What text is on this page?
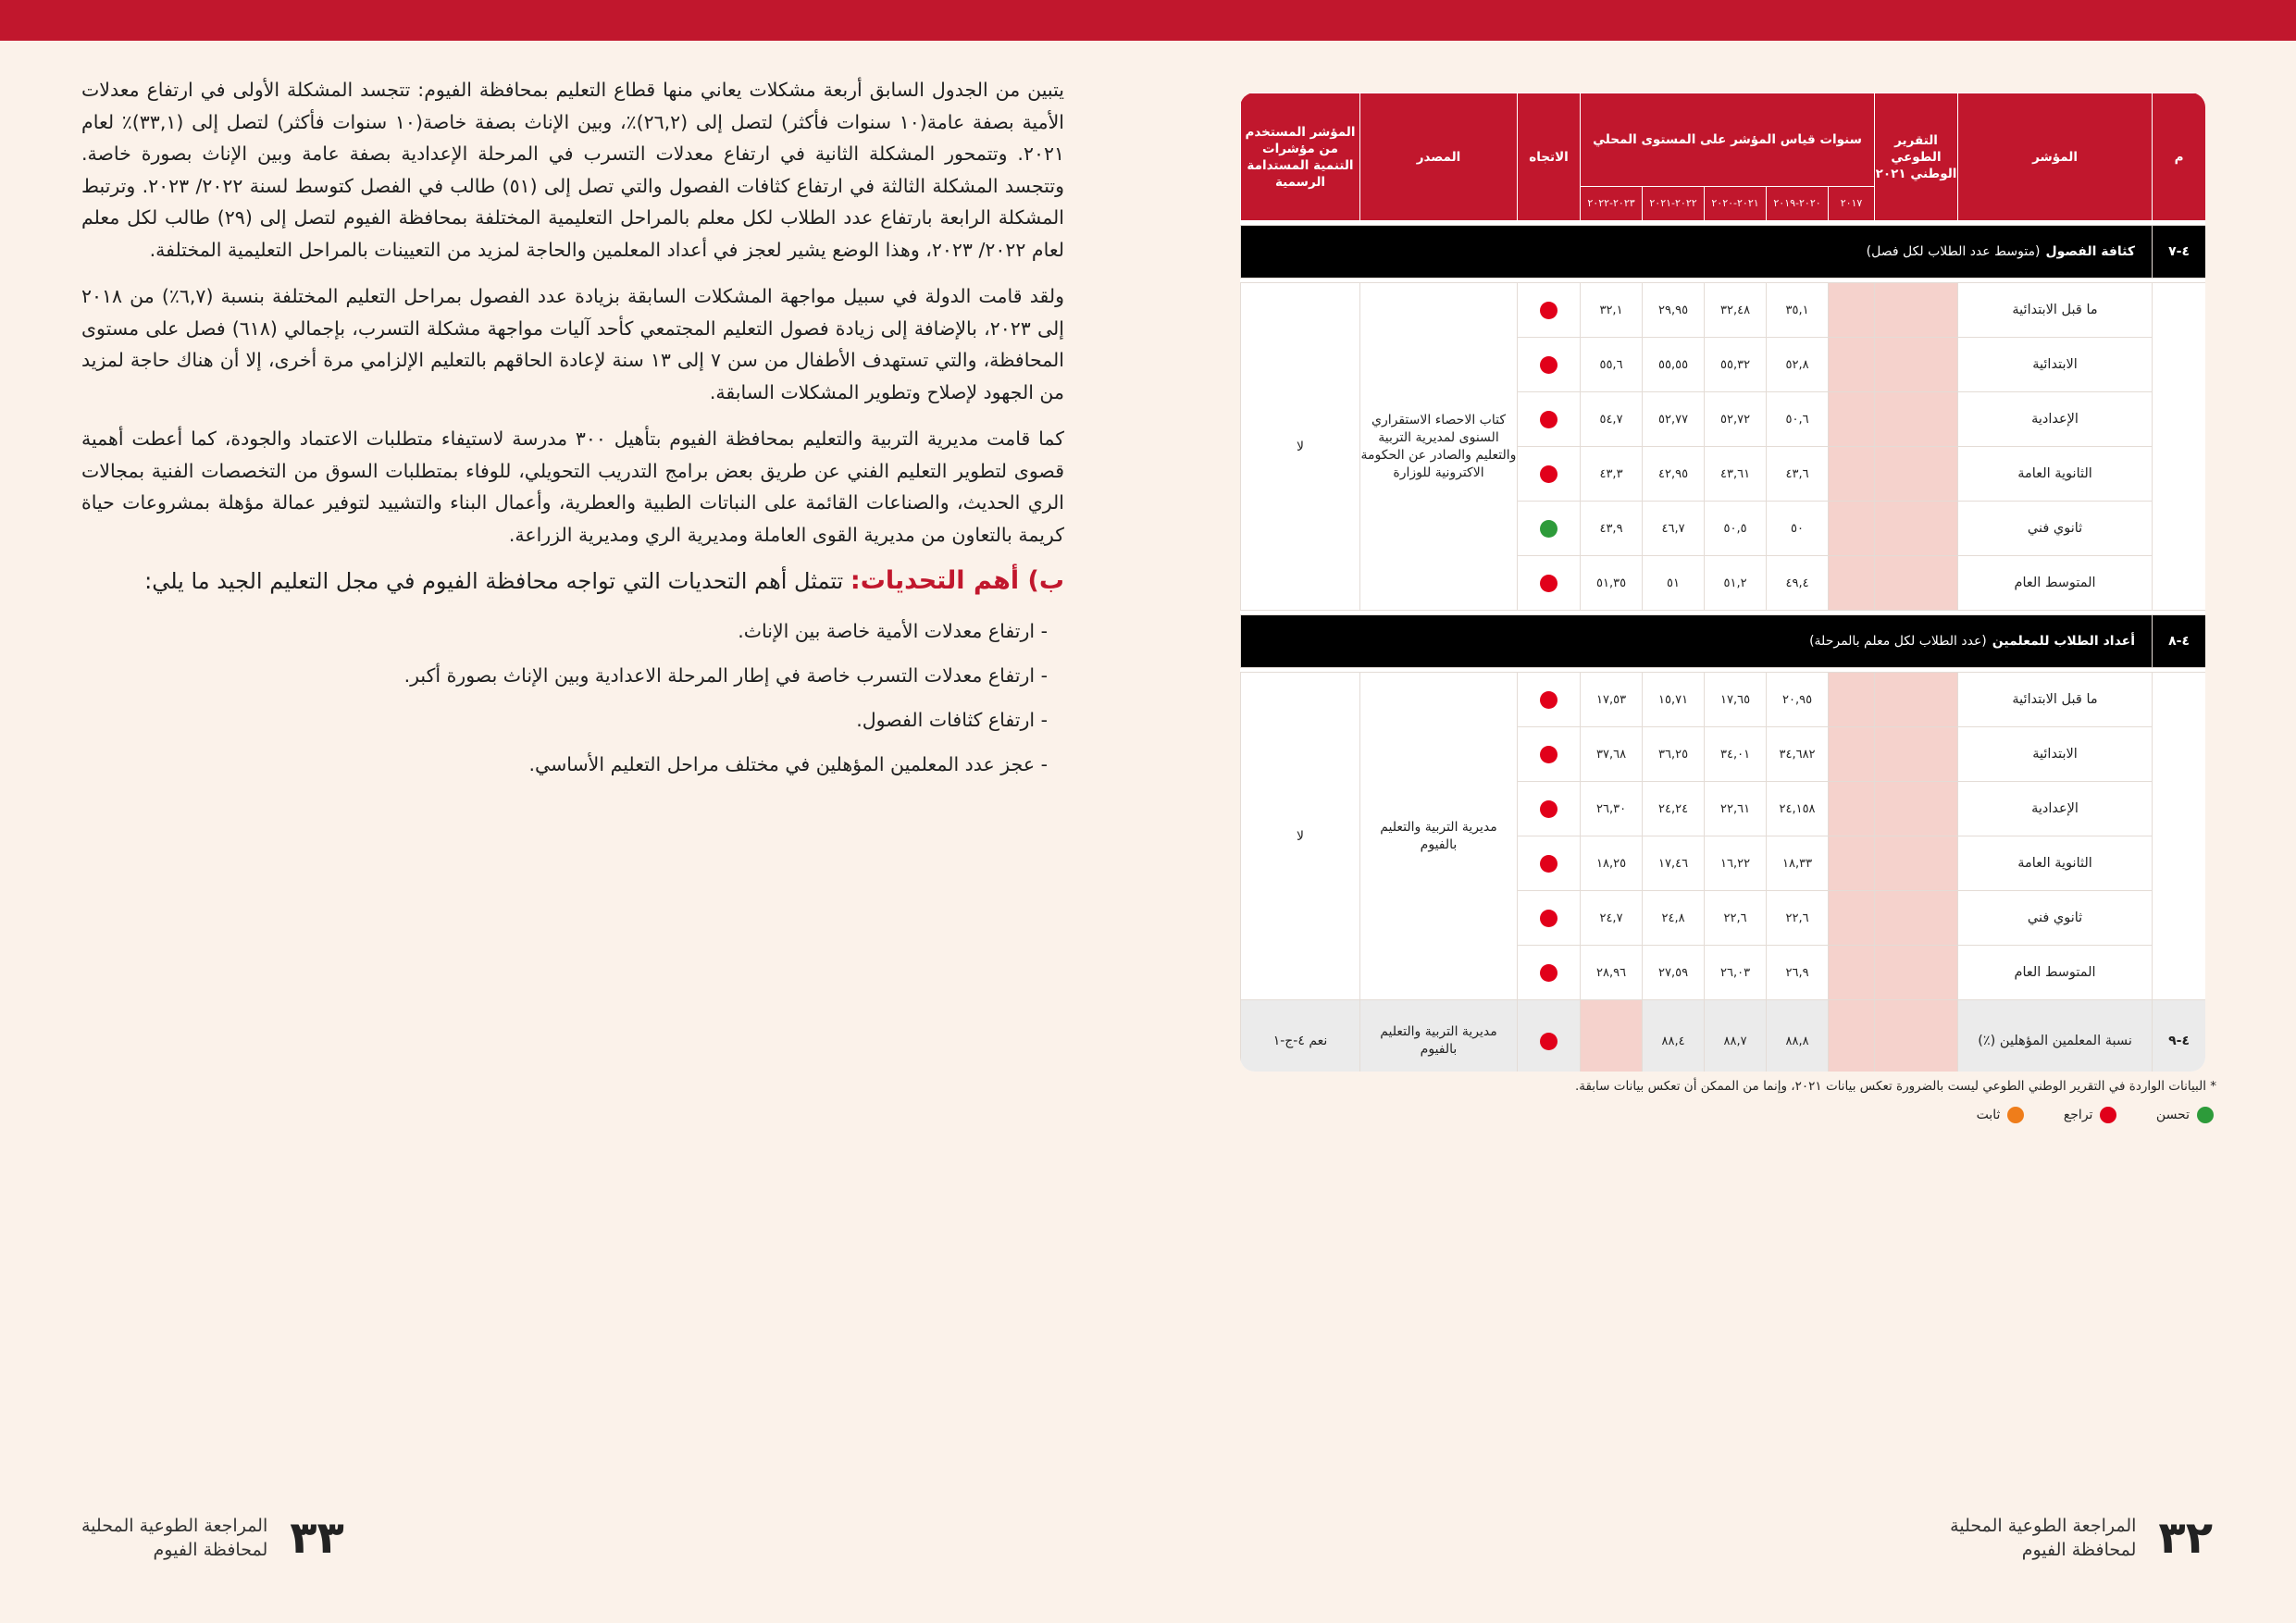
يتبين من الجدول السابق أربعة مشكلات يعاني منها قطاع التعليم بمحافظة الفيوم: تتجسد المشكلة الأولى في ارتفاع معدلات الأمية بصفة عامة(١٠ سنوات فأكثر) لتصل إلى (٢٦,٢)٪، وبين الإناث بصفة خاصة(١٠ سنوات فأكثر) لتصل إلى (٣٣,١)٪ لعام ٢٠٢١. وتتمحور المشكلة الثانية في ارتفاع معدلات التسرب في المرحلة الإعدادية بصفة عامة وبين الإناث بصورة خاصة. وتتجسد المشكلة الثالثة في ارتفاع كثافات الفصول والتي تصل إلى (٥١) طالب في الفصل كتوسط لسنة ٢٠٢٢/ ٢٠٢٣. وترتبط المشكلة الرابعة بارتفاع عدد الطلاب لكل معلم بالمراحل التعليمية المختلفة بمحافظة الفيوم لتصل إلى (٢٩) طالب لكل معلم لعام ٢٠٢٢/ ٢٠٢٣، وهذا الوضع يشير لعجز في أعداد المعلمين والحاجة لمزيد من التعيينات بالمراحل التعليمية المختلفة.

ولقد قامت الدولة في سبيل مواجهة المشكلات السابقة بزيادة عدد الفصول بمراحل التعليم المختلفة بنسبة (٦,٧٪) من ٢٠١٨ إلى ٢٠٢٣، بالإضافة إلى زيادة فصول التعليم المجتمعي كأحد آليات مواجهة مشكلة التسرب، بإجمالي (٦١٨) فصل على مستوى المحافظة، والتي تستهدف الأطفال من سن ٧ إلى ١٣ سنة لإعادة الحاقهم بالتعليم الإلزامي مرة أخرى، إلا أن هناك حاجة لمزيد من الجهود لإصلاح وتطوير المشكلات السابقة.

كما قامت مديرية التربية والتعليم بمحافظة الفيوم بتأهيل ٣٠٠ مدرسة لاستيفاء متطلبات الاعتماد والجودة، كما أعطت أهمية قصوى لتطوير التعليم الفني عن طريق بعض برامج التدريب التحويلي، للوفاء بمتطلبات السوق من التخصصات الفنية بمجالات الري الحديث، والصناعات القائمة على النباتات الطبية والعطرية، وأعمال البناء والتشييد لتوفير عمالة مؤهلة بمشروعات حياة كريمة بالتعاون من مديرية القوى العاملة ومديرية الري ومديرية الزراعة.

ب) أهم التحديات: تتمثل أهم التحديات التي تواجه محافظة الفيوم في مجل التعليم الجيد ما يلي:
- ارتفاع معدلات الأمية خاصة بين الإناث.
- ارتفاع معدلات التسرب خاصة في إطار المرحلة الاعدادية وبين الإناث بصورة أكبر.
- ارتفاع كثافات الفصول.
- عجز عدد المعلمين المؤهلين في مختلف مراحل التعليم الأساسي.
م	المؤشر	التقرير الطوعي الوطني ٢٠٢١	سنوات قياس المؤشر على المستوى المحلي					الاتجاه	المصدر	المؤشر المستخدم من مؤشرات التنمية المستدامة الرسمية
			٢٠١٧	٢٠٢٠-٢٠١٩	٢٠٢١-٢٠٢٠	٢٠٢٢-٢٠٢١	٢٠٢٣-٢٠٢٢			

٤-٧	كثافة الفصول(متوسط عدد الطلاب لكل فصل)									

	ما قبل الابتدائية			٣٥,١	٣٢,٤٨	٢٩,٩٥	٣٢,١		كتاب الاحصاء الاستقراري السنوى لمديرية التربية والتعليم والصادر عن الحكومة الاكترونية للوزارة	لا
	الابتدائية			٥٢,٨	٥٥,٣٢	٥٥,٥٥	٥٥,٦			
	الإعدادية			٥٠,٦	٥٢,٧٢	٥٢,٧٧	٥٤,٧			
	الثانوية العامة			٤٣,٦	٤٣,٦١	٤٢,٩٥	٤٣,٣			
	ثانوي فني			٥٠	٥٠,٥	٤٦,٧	٤٣,٩			
	المتوسط العام			٤٩,٤	٥١,٢	٥١	٥١,٣٥			

٤-٨	أعداد الطلاب للمعلمين(عدد الطلاب لكل معلم بالمرحلة)									

	ما قبل الابتدائية			٢٠,٩٥	١٧,٦٥	١٥,٧١	١٧,٥٣		مديرية التربية والتعليم بالفيوم	لا
	الابتدائية			٣٤,٦٨٢	٣٤,٠١	٣٦,٢٥	٣٧,٦٨			
	الإعدادية			٢٤,١٥٨	٢٢,٦١	٢٤,٢٤	٢٦,٣٠			
	الثانوية العامة			١٨,٣٣	١٦,٢٢	١٧,٤٦	١٨,٢٥			
	ثانوي فني			٢٢,٦	٢٢,٦	٢٤,٨	٢٤,٧			
	المتوسط العام			٢٦,٩	٢٦,٠٣	٢٧,٥٩	٢٨,٩٦			
٤-٩	نسبة المعلمين المؤهلين (٪)			٨٨,٨	٨٨,٧	٨٨,٤			مديرية التربية والتعليم بالفيوم	نعم ٤-ج-١
* البيانات الواردة في التقرير الوطني الطوعي ليست بالضرورة تعكس بيانات ٢٠٢١، وإنما من الممكن أن تعكس بيانات سابقة.
تحسن

تراجع

ثابت
٣٢
المراجعة الطوعية المحلية
لمحافظة الفيوم
٣٣
المراجعة الطوعية المحلية
لمحافظة الفيوم
